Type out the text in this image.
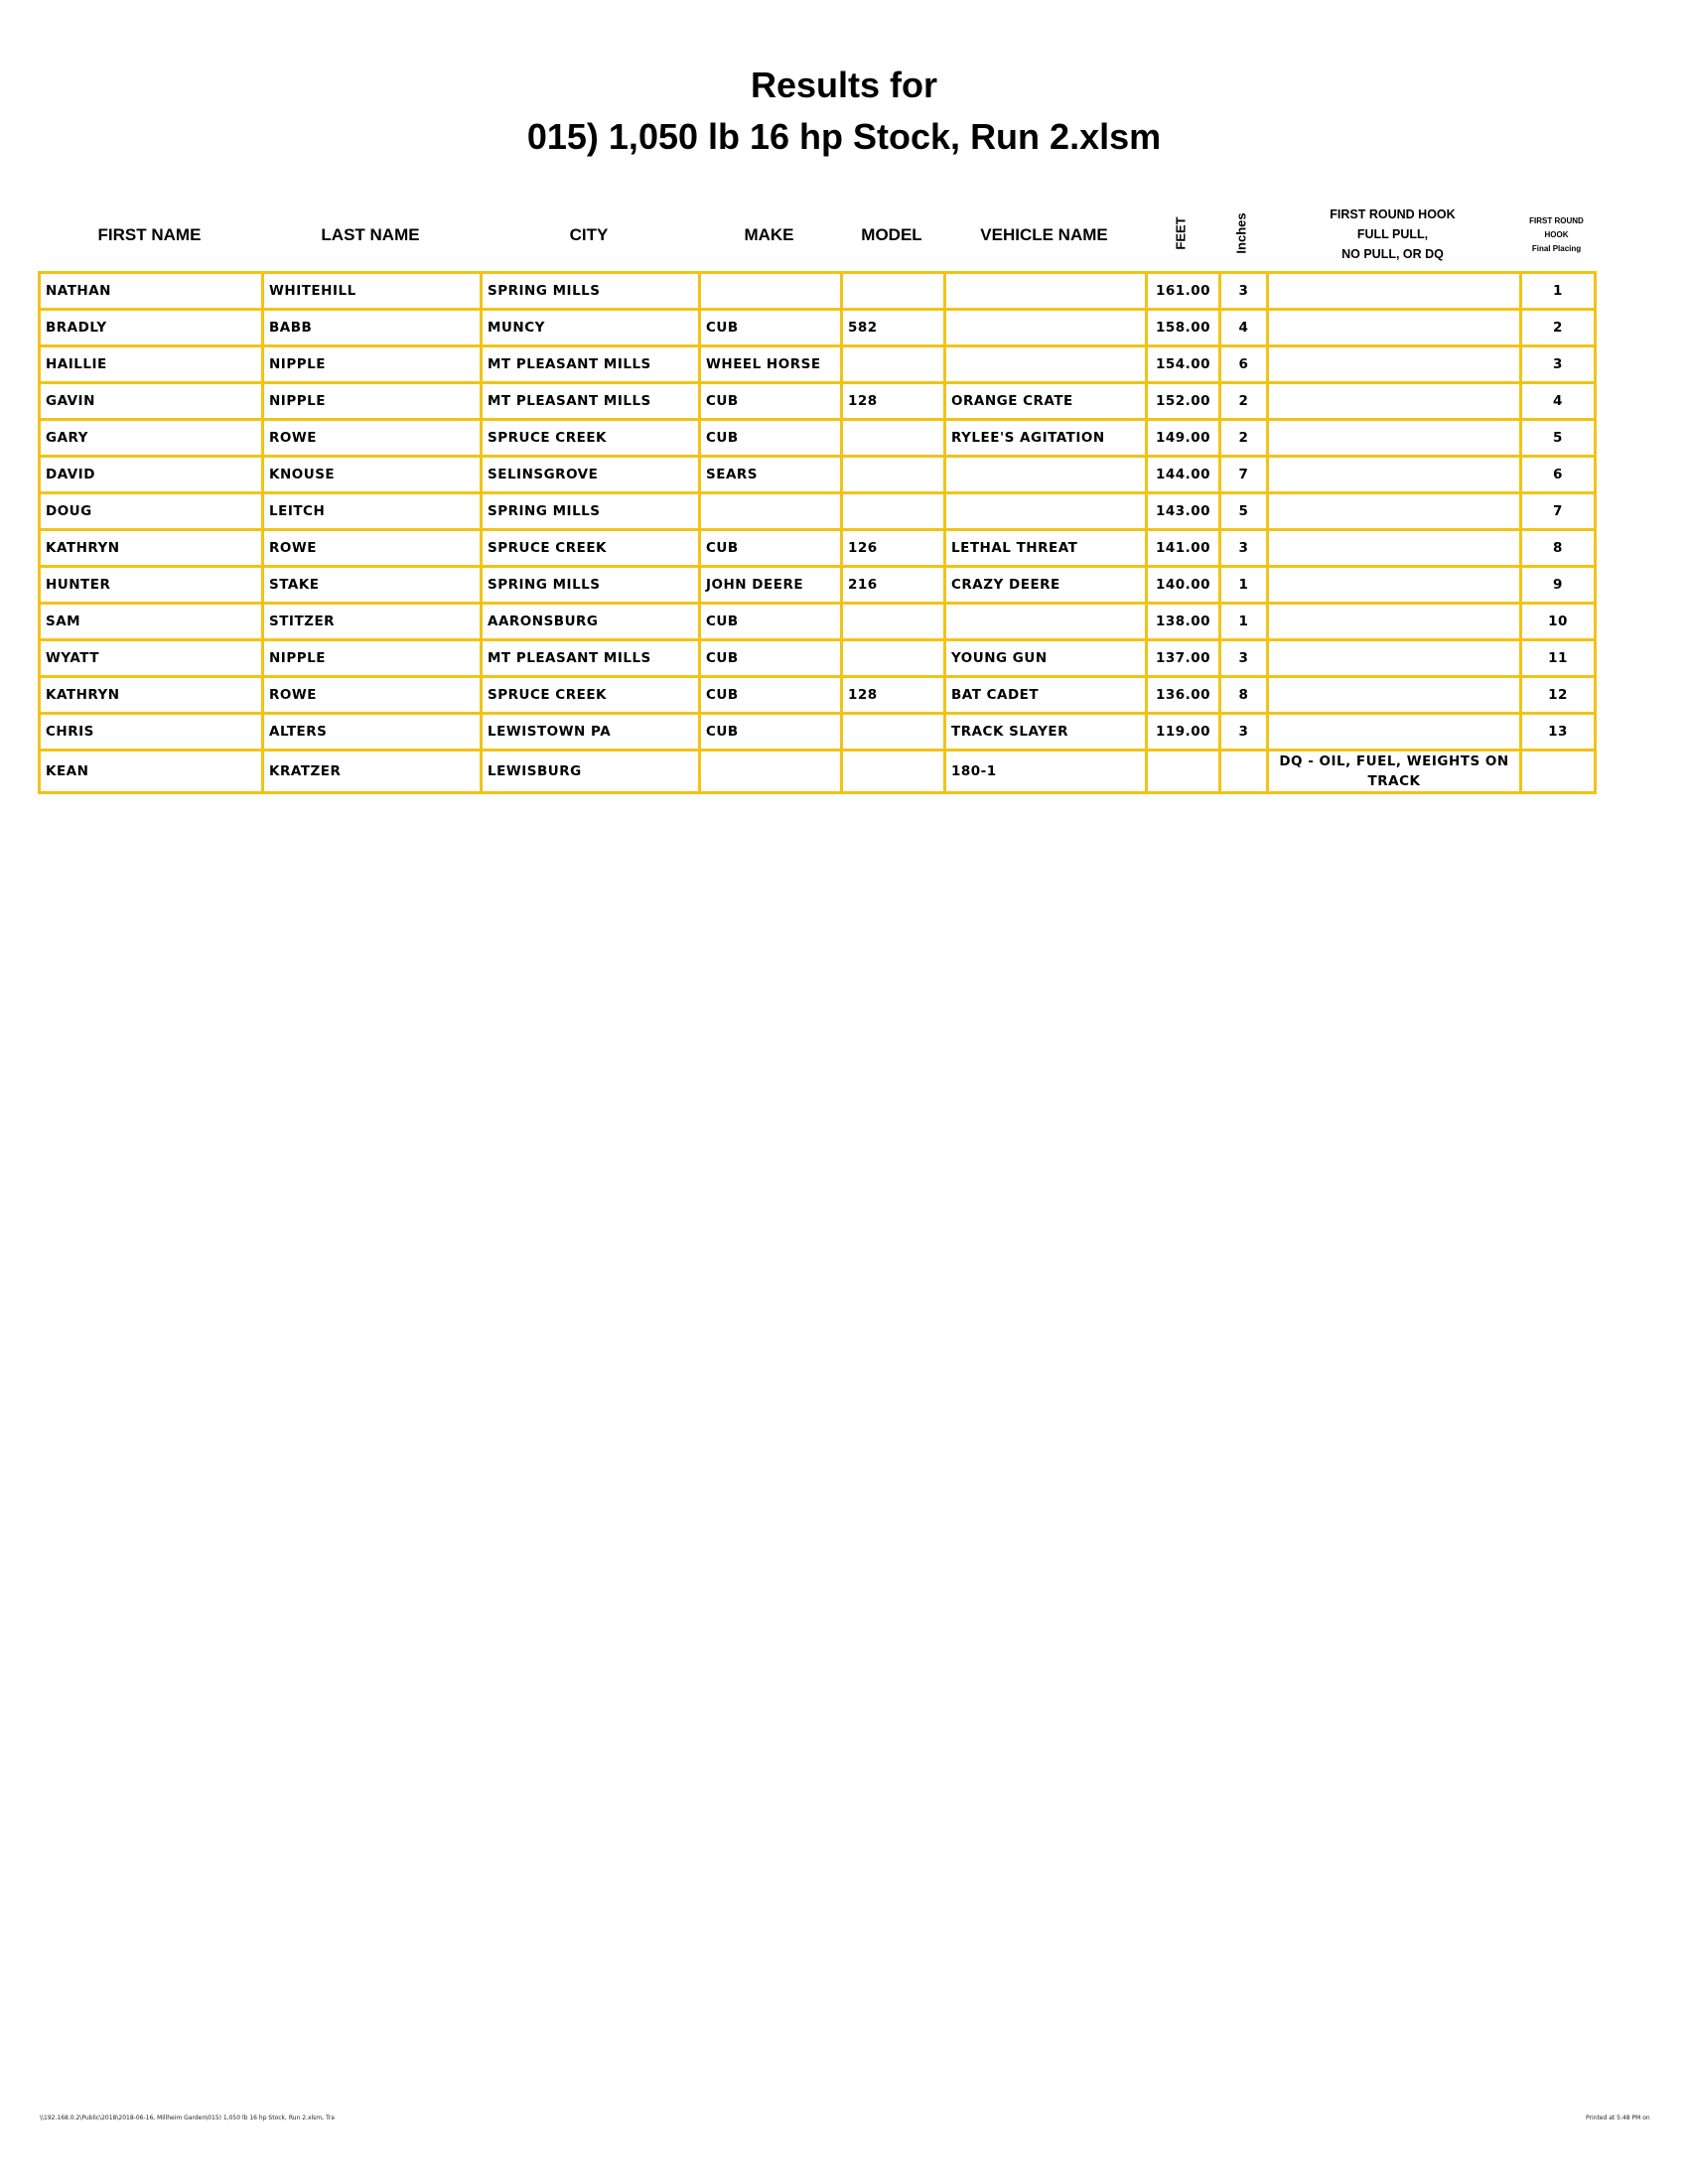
Results for
015) 1,050 lb 16 hp Stock, Run 2.xlsm
FIRST NAME	LAST NAME	CITY	MAKE	MODEL	VEHICLE NAME	FEET	Inches	FIRST ROUND HOOK
FULL PULL,
NO PULL, OR DQ
FIRST ROUND
HOOK
Final Placing
NATHAN	WHITEHILL	SPRING MILLS				161.00	3		1
BRADLY	BABB	MUNCY	CUB	582		158.00	4		2
HAILLIE	NIPPLE	MT PLEASANT MILLS	WHEEL HORSE			154.00	6		3
GAVIN	NIPPLE	MT PLEASANT MILLS	CUB	128	ORANGE CRATE	152.00	2		4
GARY	ROWE	SPRUCE CREEK	CUB		RYLEE'S AGITATION	149.00	2		5
DAVID	KNOUSE	SELINSGROVE	SEARS			144.00	7		6
DOUG	LEITCH	SPRING MILLS				143.00	5		7
KATHRYN	ROWE	SPRUCE CREEK	CUB	126	LETHAL THREAT	141.00	3		8
HUNTER	STAKE	SPRING MILLS	JOHN DEERE	216	CRAZY DEERE	140.00	1		9
SAM	STITZER	AARONSBURG	CUB			138.00	1		10
WYATT	NIPPLE	MT PLEASANT MILLS	CUB		YOUNG GUN	137.00	3		11
KATHRYN	ROWE	SPRUCE CREEK	CUB	128	BAT CADET	136.00	8		12
CHRIS	ALTERS	LEWISTOWN PA	CUB		TRACK SLAYER	119.00	3		13
KEAN	KRATZER	LEWISBURG			180-1			DQ - OIL, FUEL, WEIGHTS ON TRACK	
\\192.168.0.2\Public\2018\2018-06-16, Millheim Garden\015) 1,050 lb 16 hp Stock, Run 2.xlsm, Tra	Printed at 5:48 PM on
